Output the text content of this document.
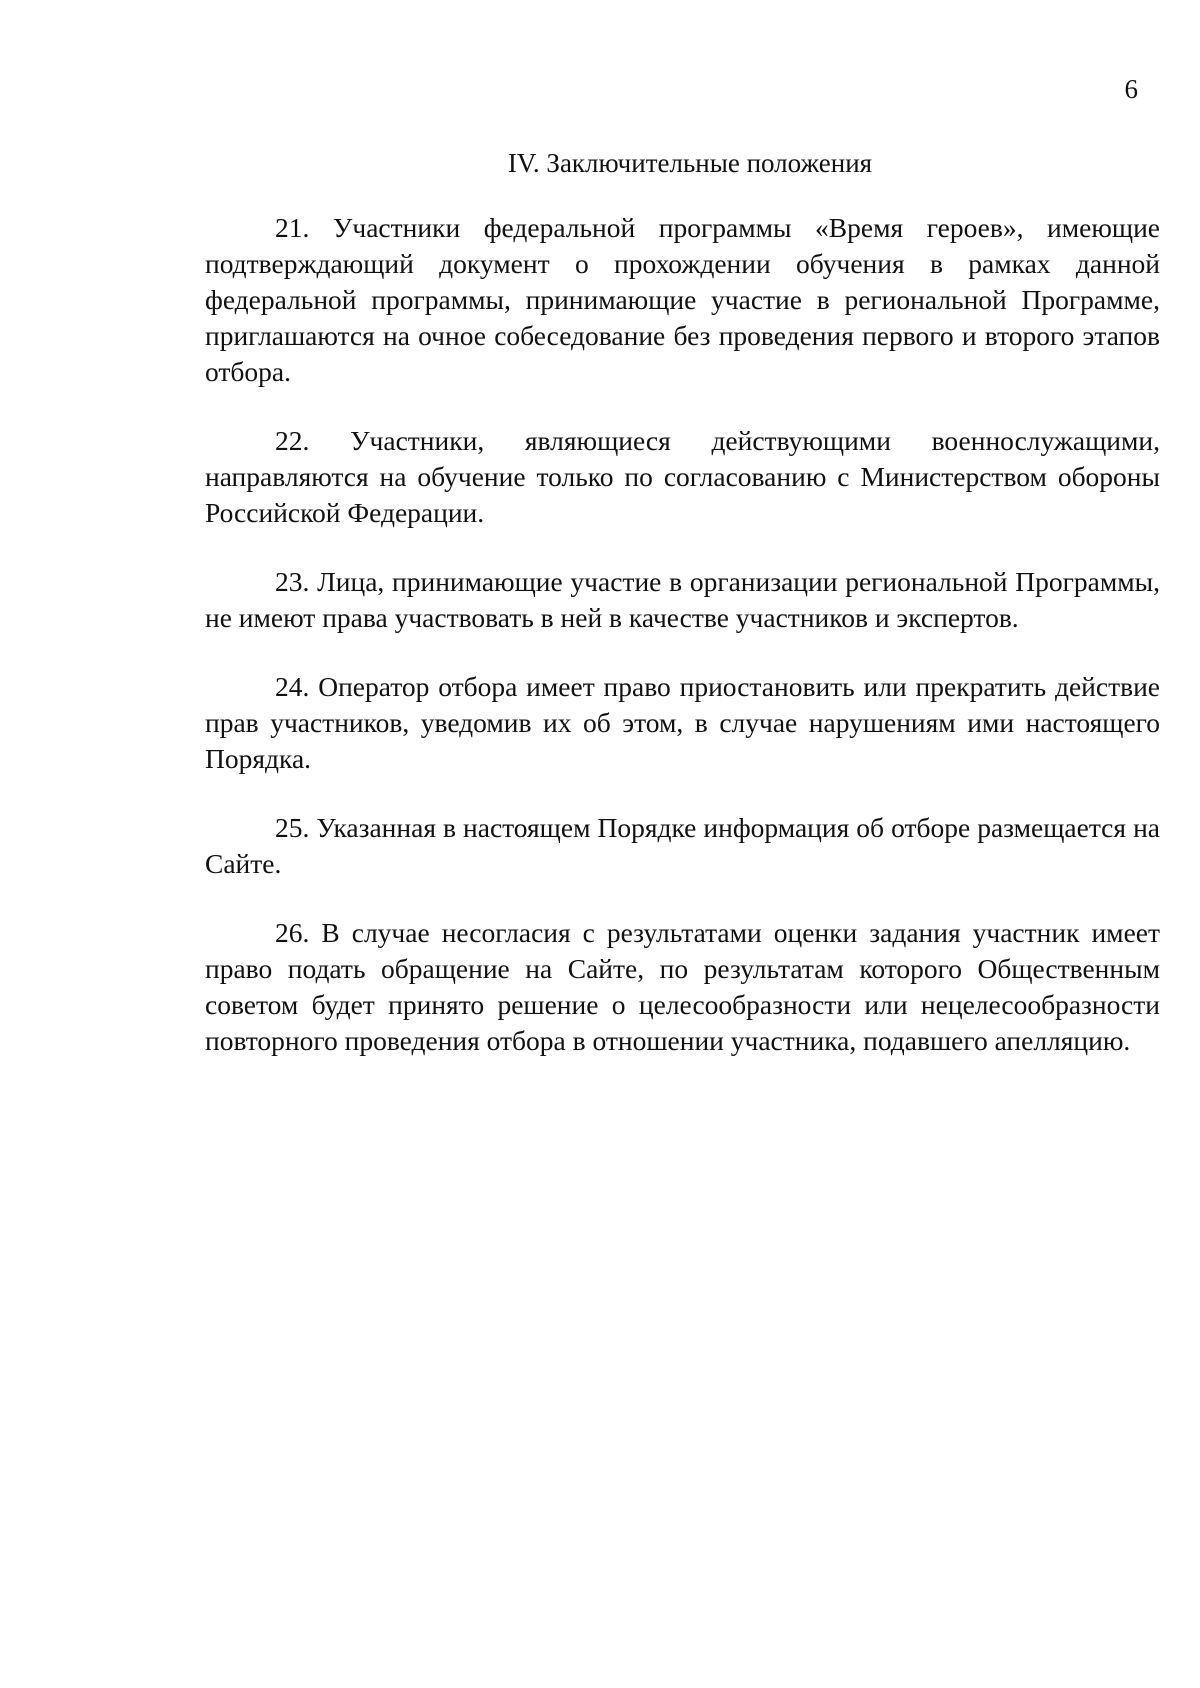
6
IV. Заключительные положения

21. Участники федеральной программы «Время героев», имеющие подтверждающий документ о прохождении обучения в рамках данной федеральной программы, принимающие участие в региональной Программе, приглашаются на очное собеседование без проведения первого и второго этапов отбора.

22. Участники, являющиеся действующими военнослужащими, направляются на обучение только по согласованию с Министерством обороны Российской Федерации.

23. Лица, принимающие участие в организации региональной Программы, не имеют права участвовать в ней в качестве участников и экспертов.

24. Оператор отбора имеет право приостановить или прекратить действие прав участников, уведомив их об этом, в случае нарушениям ими настоящего Порядка.

25. Указанная в настоящем Порядке информация об отборе размещается на Сайте.

26. В случае несогласия с результатами оценки задания участник имеет право подать обращение на Сайте, по результатам которого Общественным советом будет принято решение о целесообразности или нецелесообразности повторного проведения отбора в отношении участника, подавшего апелляцию.
